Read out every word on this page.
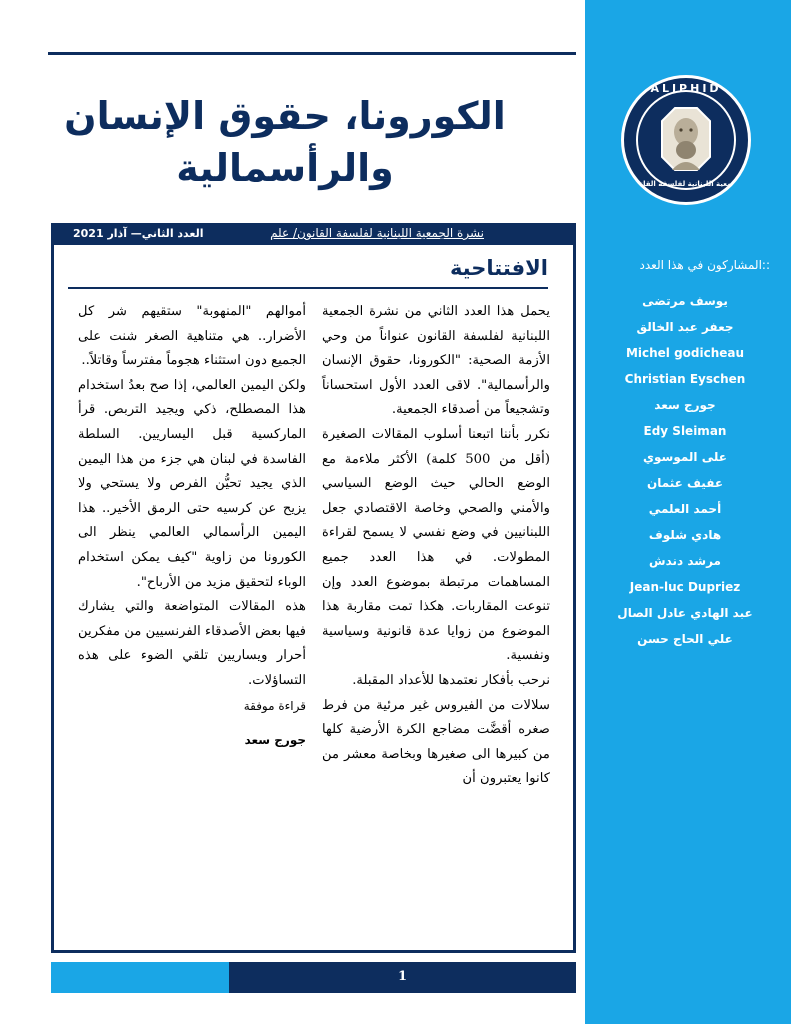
ALIPHID
الجمعية اللبنانية لفلسفة القانون
المشاركون في هذا العدد::
يوسف مرتضى
جعفر عبد الخالق
Michel godicheau
Christian Eyschen
جورج سعد
Edy Sleiman
على الموسوي
عفيف عثمان
أحمد العلمي
هادي شلوف
مرشد دندش
Jean-luc Dupriez
عبد الهادي عادل الصال
علي الحاج حسن
الكورونا، حقوق الإنسان والرأسمالية
نشرة الجمعية اللبنانية لفلسفة القانون/ علم
العدد الثاني— آذار 2021
الافتتاحية

يحمل هذا العدد الثاني من نشرة الجمعية اللبنانية لفلسفة القانون عنواناً من وحي الأزمة الصحية: "الكورونا، حقوق الإنسان والرأسمالية". لاقى العدد الأول استحساناً وتشجيعاً من أصدقاء الجمعية.

نكرر بأننا اتبعنا أسلوب المقالات الصغيرة (أقل من 500 كلمة) الأكثر ملاءمة مع الوضع الحالي حيث الوضع السياسي والأمني والصحي وخاصة الاقتصادي جعل اللبنانيين في وضع نفسي لا يسمح لقراءة المطولات. في هذا العدد جميع المساهمات مرتبطة بموضوع العدد وإن تنوعت المقاربات. هكذا تمت مقاربة هذا الموضوع من زوايا عدة قانونية وسياسية ونفسية.

نرحب بأفكار نعتمدها للأعداد المقبلة.

سلالات من الفيروس غير مرئية من فرط صغره أقضَّت مضاجع الكرة الأرضية كلها من كبيرها الى صغيرها وبخاصة معشر من كانوا يعتبرون أن

أموالهم "المنهوبة" ستقيهم شر كل الأضرار.. هي متناهية الصغر شنت على الجميع دون استثناء هجوماً مفترساً وقاتلاً..

ولكن اليمين العالمي، إذا صح بعدُ استخدام هذا المصطلح، ذكي ويجيد التربص. قرأ الماركسية قبل اليساريين. السلطة الفاسدة في لبنان هي جزء من هذا اليمين الذي يجيد تحيُّن الفرص ولا يستحي ولا يزيح عن كرسيه حتى الرمق الأخير.. هذا اليمين الرأسمالي العالمي ينظر الى الكورونا من زاوية "كيف يمكن استخدام الوباء لتحقيق مزيد من الأرباح".

هذه المقالات المتواضعة والتي يشارك فيها بعض الأصدقاء الفرنسيين من مفكرين أحرار ويساريين تلقي الضوء على هذه التساؤلات.

قراءة موفقة
جورج سعد
1
